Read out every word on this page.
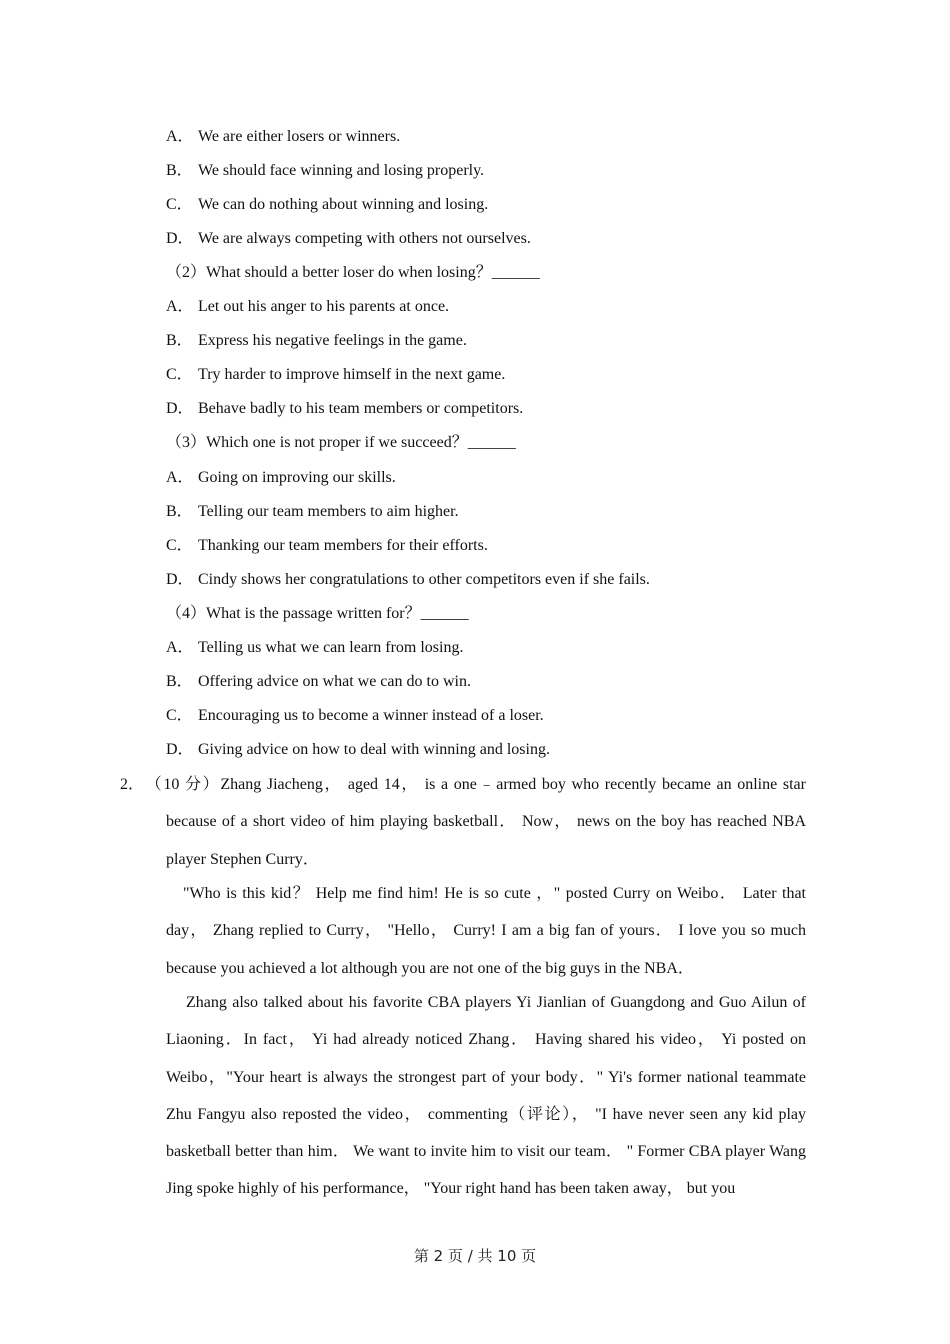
A． We are either losers or winners.
B． We should face winning and losing properly.
C． We can do nothing about winning and losing.
D． We are always competing with others not ourselves.
（2）What should a better loser do when losing？______
A． Let out his anger to his parents at once.
B． Express his negative feelings in the game.
C． Try harder to improve himself in the next game.
D． Behave badly to his team members or competitors.
（3）Which one is not proper if we succeed？______
A． Going on improving our skills.
B． Telling our team members to aim higher.
C． Thanking our team members for their efforts.
D． Cindy shows her congratulations to other competitors even if she fails.
（4）What is the passage written for？______
A． Telling us what we can learn from losing.
B． Offering advice on what we can do to win.
C． Encouraging us to become a winner instead of a loser.
D． Giving advice on how to deal with winning and losing.
2．（10 分）Zhang Jiacheng， aged 14， is a one﹣armed boy who recently became an online star because of a short video of him playing basketball． Now， news on the boy has reached NBA player Stephen Curry．
"Who is this kid？ Help me find him! He is so cute ，" posted Curry on Weibo． Later that day， Zhang replied to Curry， "Hello， Curry! I am a big fan of yours． I love you so much because you achieved a lot although you are not one of the big guys in the NBA．
Zhang also talked about his favorite CBA players Yi Jianlian of Guangdong and Guo Ailun of Liaoning．In fact， Yi had already noticed Zhang． Having shared his video， Yi posted on Weibo，"Your heart is always the strongest part of your body．" Yi's former national teammate Zhu Fangyu also reposted the video， commenting（评论）， "I have never seen any kid play basketball better than him． We want to invite him to visit our team． " Former CBA player Wang Jing spoke highly of his performance， "Your right hand has been taken away， but you
第 2 页 / 共 10 页
